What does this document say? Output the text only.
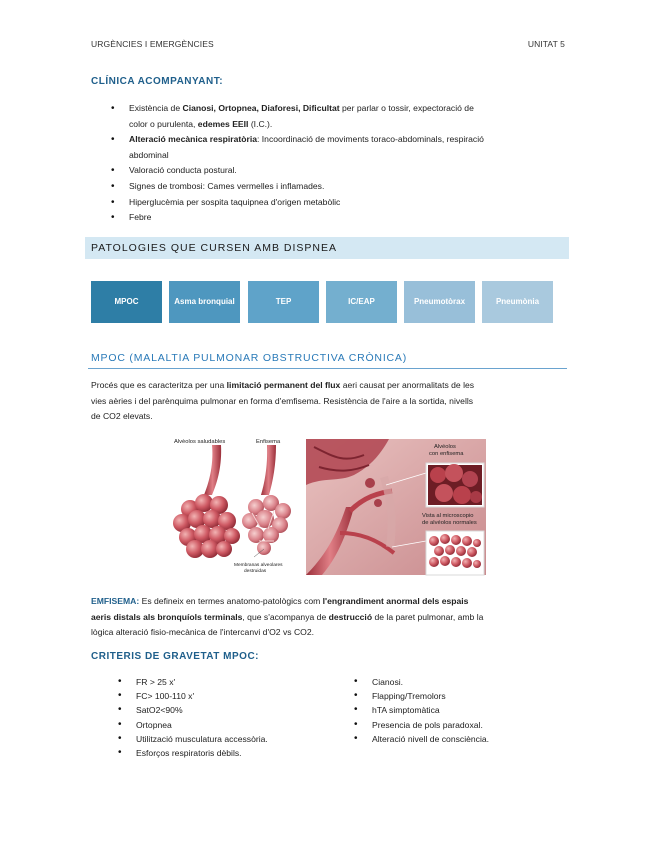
URGÈNCIES I EMERGÈNCIES	UNITAT 5
CLÍNICA ACOMPANYANT:
• Existència de Cianosi, Ortopnea, Diaforesi, Dificultat per parlar o tossir, expectoració de
color o purulenta, edemes EEII (I.C.).
• Alteració mecànica respiratòria: Incoordinació de moviments toraco-abdominals, respiració
abdominal
• Valoració conducta postural.
• Signes de trombosi: Cames vermelles i inflamades.
• Hiperglucèmia per sospita taquipnea d'origen metabòlic
• Febre
PATOLOGIES QUE CURSEN AMB DISPNEA
MPOC	Asma bronquial	TEP	IC/EAP	Pneumotòrax	Pneumònia
MPOC (MALALTIA PULMONAR OBSTRUCTIVA CRÒNICA)

Procés que es caracteritza per una limitació permanent del flux aeri causat per anormalitats de les
vies aèries i del parènquima pulmonar en forma d'emfisema. Resistència de l'aire a la sortida, nivells
de CO2 elevats.

Alvèolos saludables	Enfisema
Membranas alveolares
destruidas
Alvéolos
con enfisema
Vista al microscopio
de alvéolos normales

EMFISEMA: Es defineix en termes anatomo-patològics com l'engrandiment anormal dels espais
aeris distals als bronquíols terminals, que s'acompanya de destrucció de la paret pulmonar, amb la
lògica alteració fisio-mecànica de l'intercanvi d'O2 vs CO2.

CRITERIS DE GRAVETAT MPOC:
• FR > 25 x'
• FC> 100-110 x'
• SatO2<90%
• Ortopnea
• Utilització musculatura accessòria.
• Esforços respiratoris dèbils.
• Cianosi.
• Flapping/Tremolors
• hTA simptomàtica
• Presencia de pols paradoxal.
• Alteració nivell de consciència.
